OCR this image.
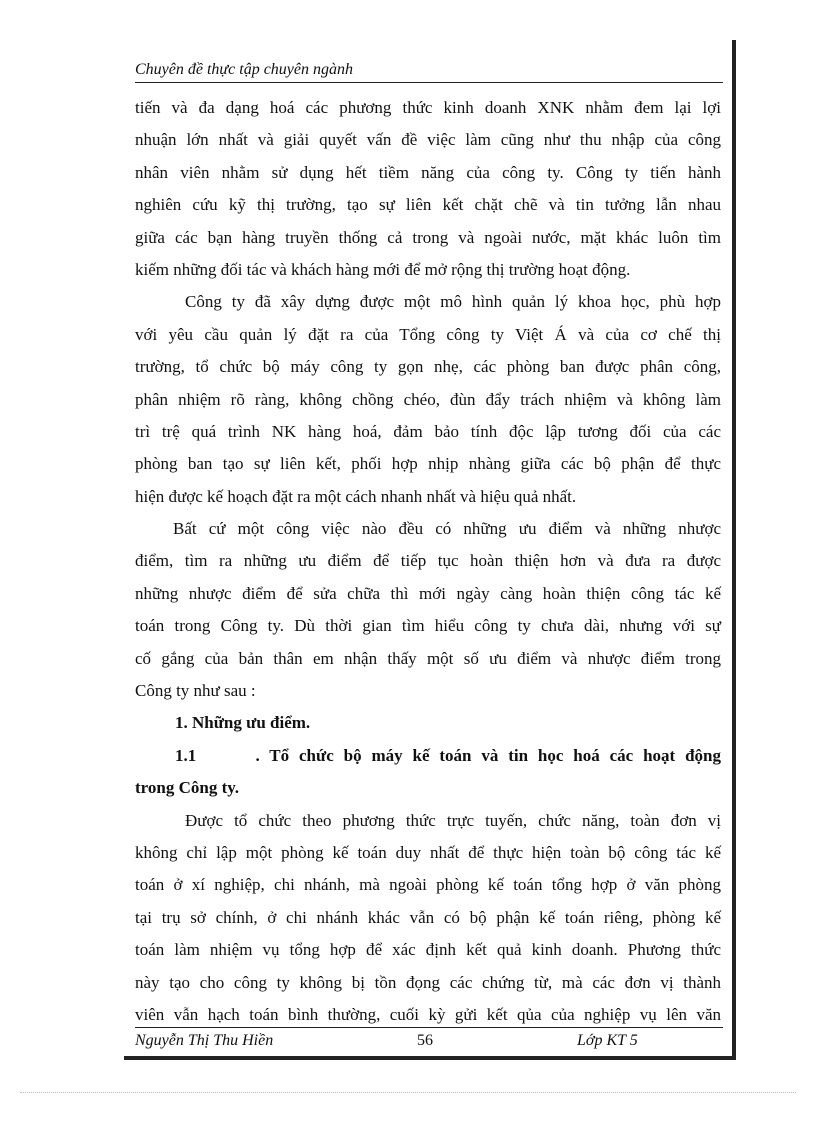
Chuyên đề thực tập chuyên ngành
tiến và đa dạng hoá các phương thức kinh doanh XNK nhằm đem lại lợi
nhuận lớn nhất và giải quyết vấn đề việc làm cũng như thu nhập của công
nhân viên nhằm sử dụng hết tiềm năng của công ty. Công ty tiến hành
nghiên cứu kỹ thị trường, tạo sự liên kết chặt chẽ và tin tưởng lẫn nhau
giữa các bạn hàng truyền thống cả trong và ngoài nước, mặt khác luôn tìm
kiếm những đối tác và khách hàng mới để mở rộng thị trường hoạt động.
Công ty đã xây dựng được một mô hình quản lý khoa học, phù hợp
với yêu cầu quản lý đặt ra của Tổng công ty Việt Á và của cơ chế thị
trường, tổ chức bộ máy công ty gọn nhẹ, các phòng ban được phân công,
phân nhiệm rõ ràng, không chồng chéo, đùn đẩy trách nhiệm và không làm
trì trệ quá trình NK hàng hoá, đảm bảo tính độc lập tương đối của các
phòng ban tạo sự liên kết, phối hợp nhịp nhàng giữa các bộ phận để thực
hiện được kế hoạch đặt ra một cách nhanh nhất và hiệu quả nhất.
Bất cứ một công việc nào đều có những ưu điểm và những nhược
điểm, tìm ra những ưu điểm để tiếp tục hoàn thiện hơn và đưa ra được
những nhược điểm để sửa chữa thì mới ngày càng hoàn thiện công tác kế
toán trong Công ty. Dù thời gian tìm hiểu công ty chưa dài, nhưng với sự
cố gắng của bản thân em nhận thấy một số ưu điểm và nhược điểm trong
Công ty như sau :
1. Những ưu điểm.
1.1      . Tổ chức bộ máy kế toán và tin học hoá các hoạt động
trong Công ty.
Được tổ chức theo phương thức trực tuyến, chức năng, toàn đơn vị
không chỉ lập một phòng kế toán duy nhất để thực hiện toàn bộ công tác kế
toán ở xí nghiệp, chi nhánh, mà ngoài phòng kế toán tổng hợp ở văn phòng
tại trụ sở chính, ở chi nhánh khác vẫn có bộ phận kế toán riêng, phòng kế
toán làm nhiệm vụ tổng hợp để xác định kết quả kinh doanh. Phương thức
này tạo cho công ty không bị tồn đọng các chứng từ, mà các đơn vị thành
viên vẫn hạch toán bình thường, cuối kỳ gửi kết qủa của nghiệp vụ lên văn
Nguyễn Thị Thu Hiền	56	Lớp KT 5
